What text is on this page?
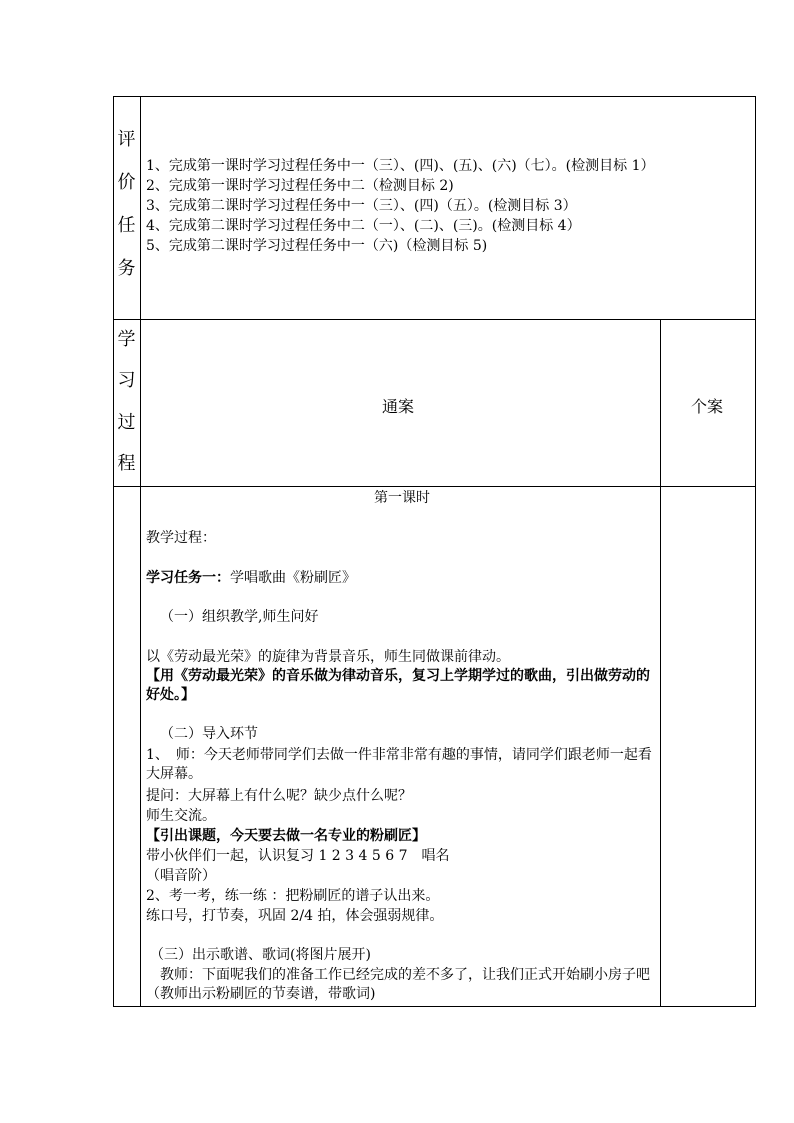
评
价
任
务
1、完成第一课时学习过程任务中一（三）、(四)、(五)、(六)（七）。(检测目标 1）
2、完成第一课时学习过程任务中二（检测目标 2)
3、完成第二课时学习过程任务中一（三）、(四)（五）。(检测目标 3）
4、完成第二课时学习过程任务中二（一）、(二)、(三)。(检测目标 4）
5、完成第二课时学习过程任务中一（六)（检测目标 5)
学
习
过
程
通案	个案
第一课时
教学过程：
学习任务一：学唱歌曲《粉刷匠》
（一）组织教学,师生问好
以《劳动最光荣》的旋律为背景音乐，师生同做课前律动。
【用《劳动最光荣》的音乐做为律动音乐，复习上学期学过的歌曲，引出做劳动的好处。】
（二）导入环节
1、　师：今天老师带同学们去做一件非常非常有趣的事情，请同学们跟老师一起看大屏幕。
提问：大屏幕上有什么呢？缺少点什么呢？
师生交流。
【引出课题，今天要去做一名专业的粉刷匠】
带小伙伴们一起，认识复习 1 2 3 4 5 6 7　唱名
（唱音阶）
2、考一考，练一练 ：把粉刷匠的谱子认出来。
练口号，打节奏，巩固 2/4 拍，体会强弱规律。
（三）出示歌谱、歌词(将图片展开)
　教师：下面呢我们的准备工作已经完成的差不多了，让我们正式开始刷小房子吧（教师出示粉刷匠的节奏谱，带歌词)
